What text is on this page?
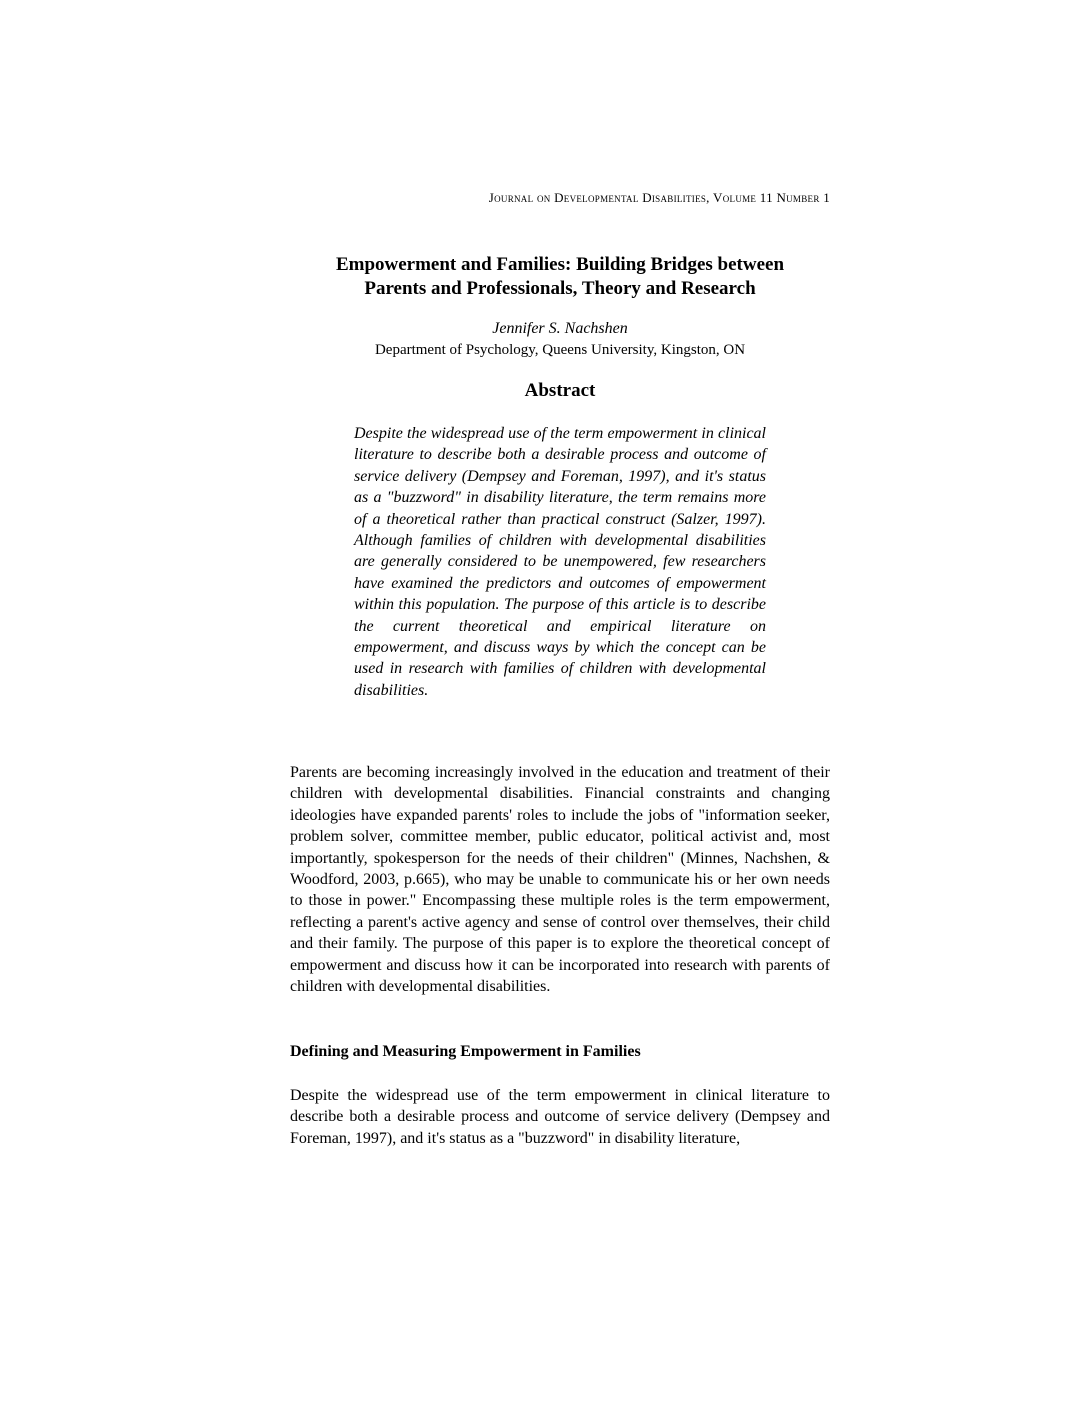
Journal on Developmental Disabilities, Volume 11 Number 1
Empowerment and Families: Building Bridges between
Parents and Professionals, Theory and Research
Jennifer S. Nachshen
Department of Psychology, Queens University, Kingston, ON
Abstract

Despite the widespread use of the term empowerment in clinical literature to describe both a desirable process and outcome of service delivery (Dempsey and Foreman, 1997), and it's status as a "buzzword" in disability literature, the term remains more of a theoretical rather than practical construct (Salzer, 1997). Although families of children with developmental disabilities are generally considered to be unempowered, few researchers have examined the predictors and outcomes of empowerment within this population. The purpose of this article is to describe the current theoretical and empirical literature on empowerment, and discuss ways by which the concept can be used in research with families of children with developmental disabilities.

Parents are becoming increasingly involved in the education and treatment of their children with developmental disabilities. Financial constraints and changing ideologies have expanded parents' roles to include the jobs of "information seeker, problem solver, committee member, public educator, political activist and, most importantly, spokesperson for the needs of their children" (Minnes, Nachshen, & Woodford, 2003, p.665), who may be unable to communicate his or her own needs to those in power." Encompassing these multiple roles is the term empowerment, reflecting a parent's active agency and sense of control over themselves, their child and their family. The purpose of this paper is to explore the theoretical concept of empowerment and discuss how it can be incorporated into research with parents of children with developmental disabilities.

Defining and Measuring Empowerment in Families

Despite the widespread use of the term empowerment in clinical literature to describe both a desirable process and outcome of service delivery (Dempsey and Foreman, 1997), and it's status as a "buzzword" in disability literature,
